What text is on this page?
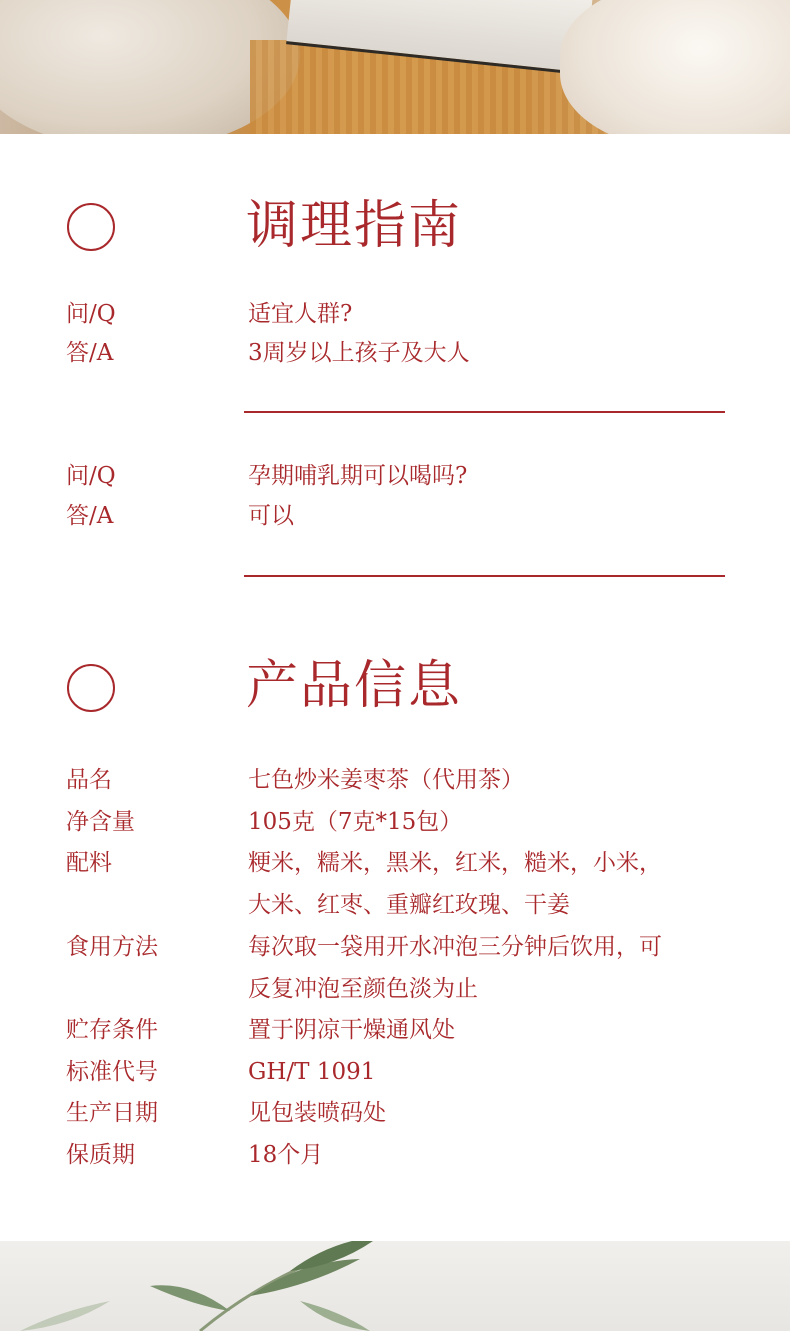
调理指南
问/Q	适宜人群?
答/A	3周岁以上孩子及大人
问/Q	孕期哺乳期可以喝吗?
答/A	可以
产品信息
品名	七色炒米姜枣茶（代用茶）
净含量	105克（7克*15包）
配料	粳米，糯米，黑米，红米，糙米，小米，
大米、红枣、重瓣红玫瑰、干姜
食用方法	每次取一袋用开水冲泡三分钟后饮用，可
反复冲泡至颜色淡为止
贮存条件	置于阴凉干燥通风处
标准代号	GH/T 1091
生产日期	见包装喷码处
保质期	18个月
